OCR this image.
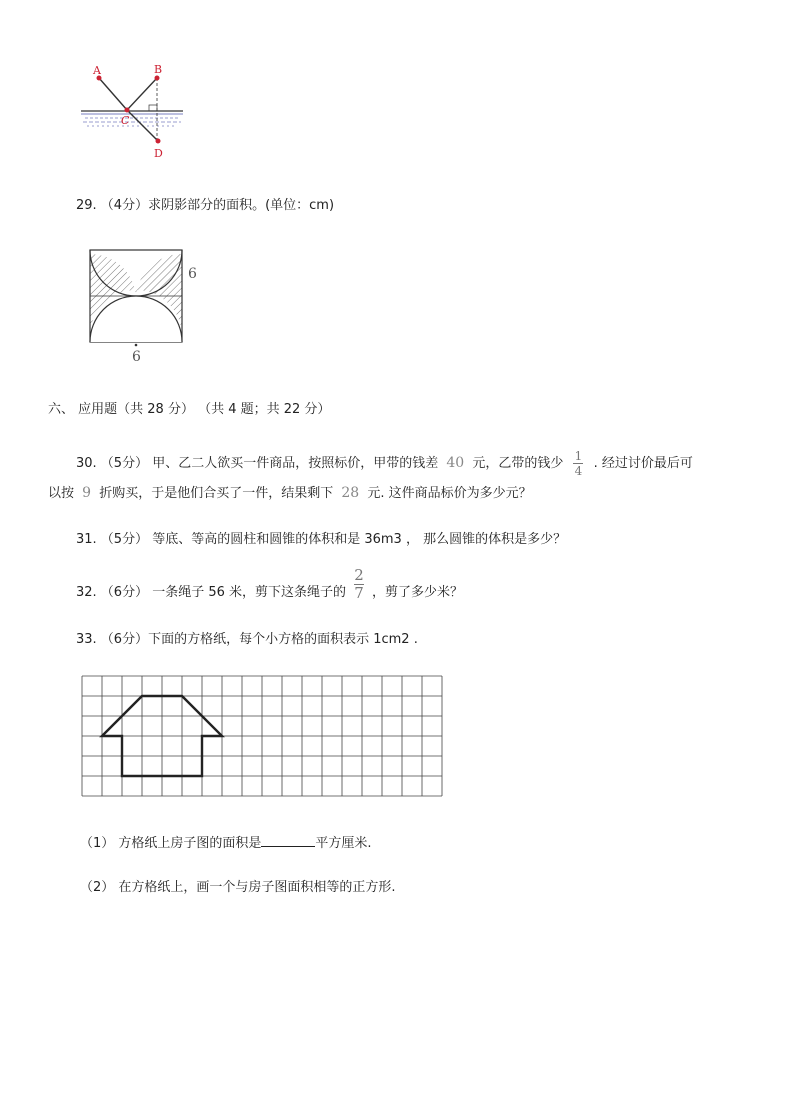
A	B
C
D
29. （4分）求阴影部分的面积。(单位：cm)
6
6
六、 应用题（共 28 分） （共 4 题；共 22 分）
30. （5分） 甲、乙二人欲买一件商品，按照标价，甲带的钱差 40 元，乙带的钱少 $\frac{1}{4}$ . 经过讨价最后可
以按 9 折购买，于是他们合买了一件，结果剩下 28 元. 这件商品标价为多少元？
31. （5分） 等底、等高的圆柱和圆锥的体积和是 36m3 ， 那么圆锥的体积是多少？
32. （6分） 一条绳子 56 米，剪下这条绳子的 $\frac{2}{7}$ ，剪了多少米？
33. （6分）下面的方格纸，每个小方格的面积表示 1cm2 .
（1） 方格纸上房子图的面积是	平方厘米.
（2） 在方格纸上，画一个与房子图面积相等的正方形.
